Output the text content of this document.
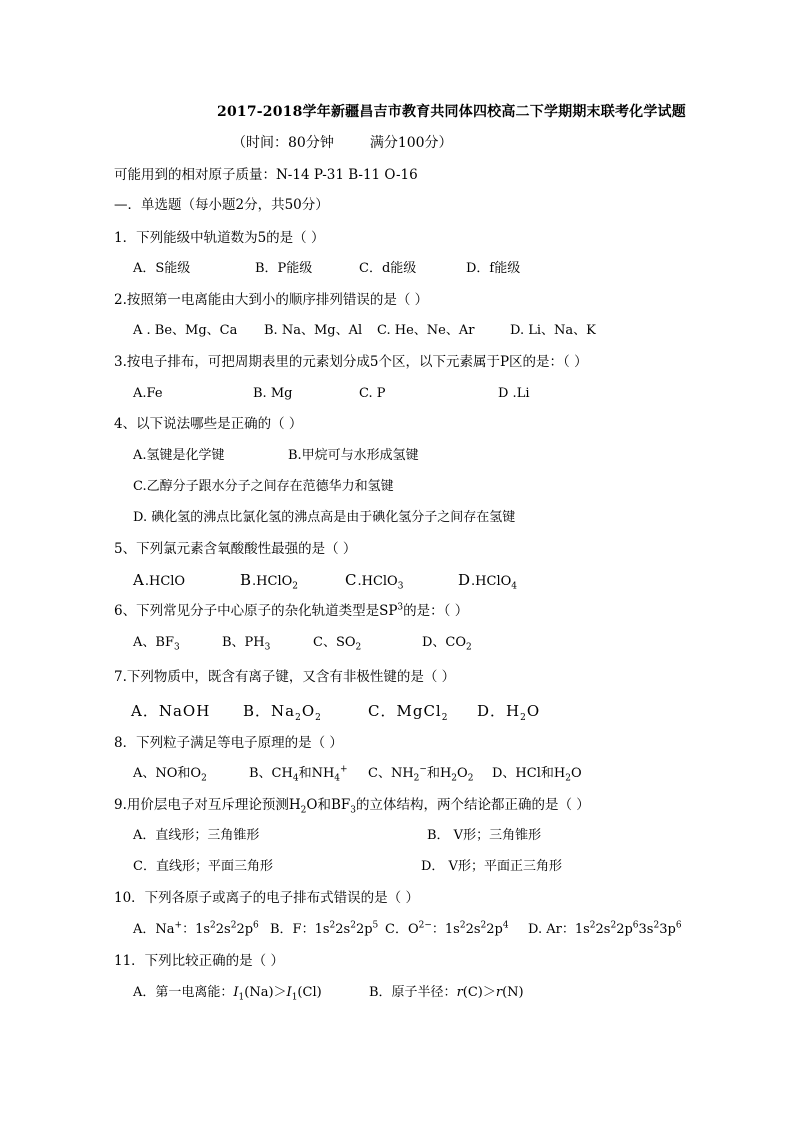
2017-2018学年新疆昌吉市教育共同体四校高二下学期期末联考化学试题
（时间：80分钟	满分100分）
可能用到的相对原子质量：N-14 P-31 B-11 O-16
—．单选题（每小题2分，共50分）
1．下列能级中轨道数为5的是（ ）
A．S能级	B．P能级	C．d能级	D．f能级
2.按照第一电离能由大到小的顺序排列错误的是（ ）
A . Be、Mg、Ca B. Na、Mg、Al C. He、Ne、Ar	D. Li、Na、K
3.按电子排布，可把周期表里的元素划分成5个区，以下元素属于P区的是：（ ）
A.Fe	B. Mg	C. P	D .Li
4、以下说法哪些是正确的（ ）
A.氢键是化学键	B.甲烷可与水形成氢键
C.乙醇分子跟水分子之间存在范德华力和氢键
D. 碘化氢的沸点比氯化氢的沸点高是由于碘化氢分子之间存在氢键
5、下列氯元素含氧酸酸性最强的是（ ）
A.HClO	B.HClO$_2$	C.HClO$_3$	D.HClO$_4$
6、下列常见分子中心原子的杂化轨道类型是$SP^3$的是：（ ）
A、$BF_3$	B、$PH_3$	C、$SO_2$	D、$CO_2$
7.下列物质中，既含有离子键，又含有非极性键的是（ ）
A．NaOH B．$Na_2O_2$	C．MgCl$_2$ D．$H_2O$
8．下列粒子满足等电子原理的是（ ）
A、NO和$O_2$	B、$CH_4$和$NH_4^+$ C、$NH_2^-$和$H_2O_2$ D、HCl和$H_2O$
9.用价层电子对互斥理论预测$H_2O$和$BF_3$的立体结构，两个结论都正确的是（ ）
A．直线形；三角锥形	B． V形；三角锥形
C．直线形；平面三角形	D． V形；平面正三角形
10．下列各原子或离子的电子排布式错误的是（ ）
A．Na+：$1s^22s^22p^6$ B．F：$1s^22s^22p^5$ C．$O^{2-}$：$1s^22s^22p^4$ D. Ar：$1s^22s^22p^63s^23p^6$
11．下列比较正确的是（ ）
A．第一电离能：$I_1(Na)>I_1(Cl)$	B．原子半径：r(C)＞r(N)
